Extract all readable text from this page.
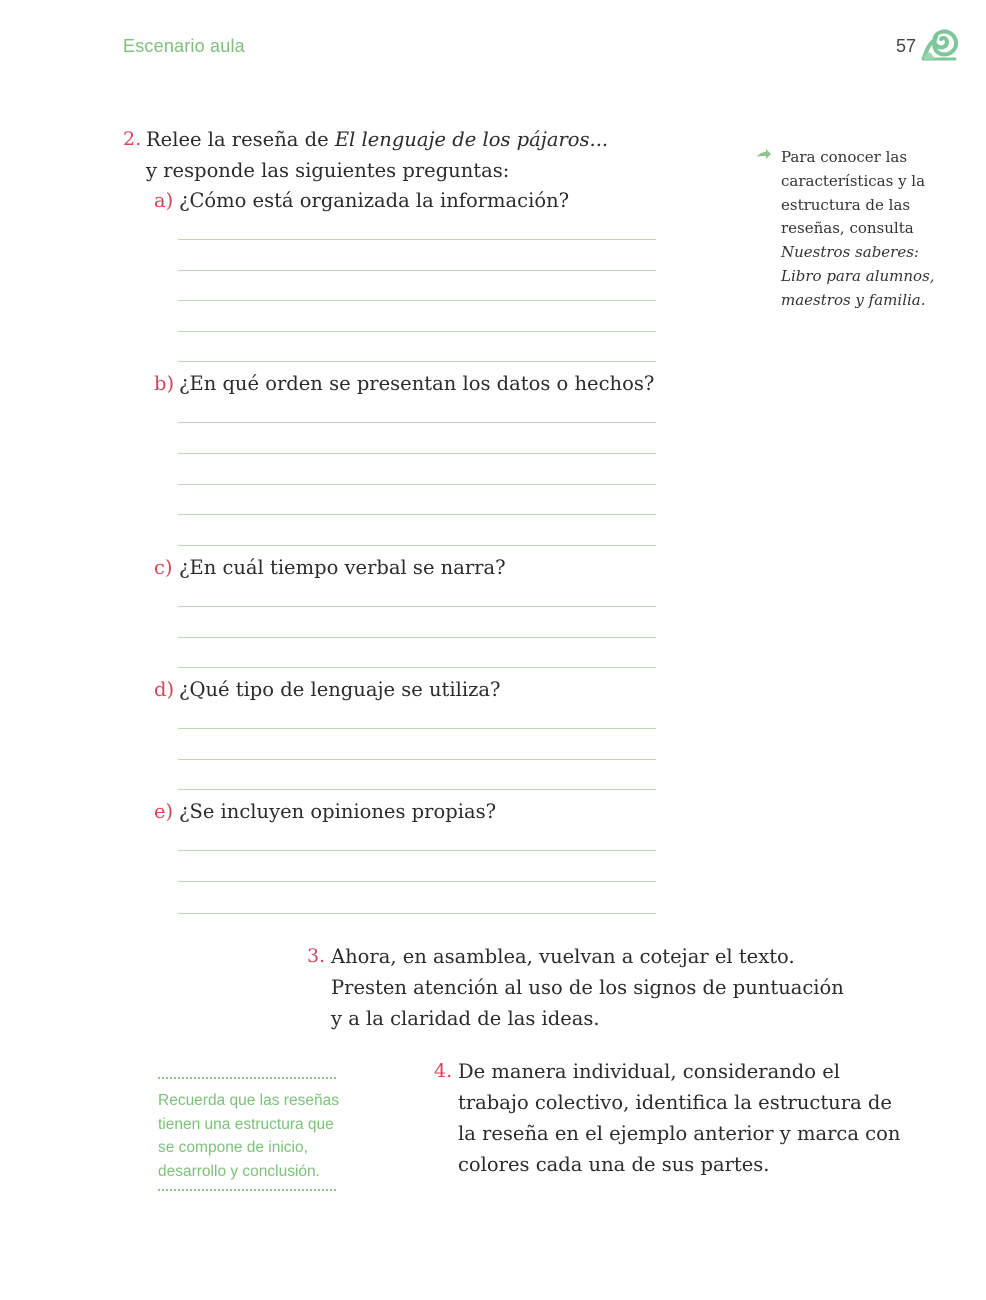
Escenario aula	57
2. Relee la reseña de El lenguaje de los pájaros...
y responde las siguientes preguntas:
a) ¿Cómo está organizada la información?
b) ¿En qué orden se presentan los datos o hechos?
c) ¿En cuál tiempo verbal se narra?
d) ¿Qué tipo de lenguaje se utiliza?
e) ¿Se incluyen opiniones propias?
Para conocer las
características y la
estructura de las
reseñas, consulta
Nuestros saberes:
Libro para alumnos,
maestros y familia.
3. Ahora, en asamblea, vuelvan a cotejar el texto.
Presten atención al uso de los signos de puntuación
y a la claridad de las ideas.
Recuerda que las reseñas
tienen una estructura que
se compone de inicio,
desarrollo y conclusión.
4. De manera individual, considerando el
trabajo colectivo, identifica la estructura de
la reseña en el ejemplo anterior y marca con
colores cada una de sus partes.
